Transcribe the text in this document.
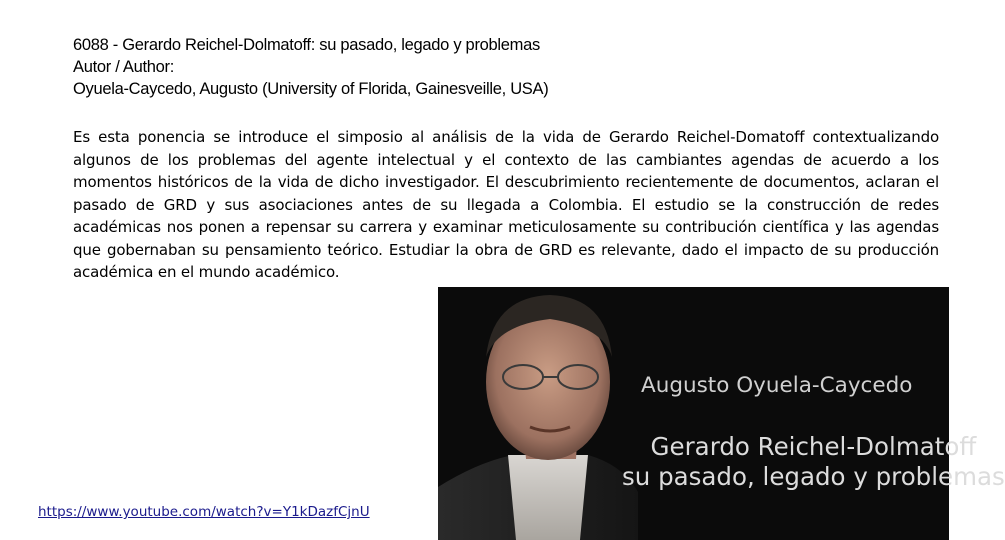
6088 - Gerardo Reichel-Dolmatoff: su pasado, legado y problemas
Autor / Author:
Oyuela-Caycedo, Augusto (University of Florida, Gainesveille, USA)
Es esta ponencia se introduce el simposio al análisis de la vida de Gerardo Reichel-Domatoff contextualizando algunos de los problemas del agente intelectual y el contexto de las cambiantes agendas de acuerdo a los momentos históricos de la vida de dicho investigador. El descubrimiento recientemente de documentos, aclaran el pasado de GRD y sus asociaciones antes de su llegada a Colombia. El estudio se la construcción de redes académicas nos ponen a repensar su carrera y examinar meticulosamente su contribución científica y las agendas que gobernaban su pensamiento teórico. Estudiar la obra de GRD es relevante, dado el impacto de su producción académica en el mundo académico.
Augusto Oyuela-Caycedo
Gerardo Reichel-Dolmatoff
su pasado, legado y problemas
https://www.youtube.com/watch?v=Y1kDazfCjnU
